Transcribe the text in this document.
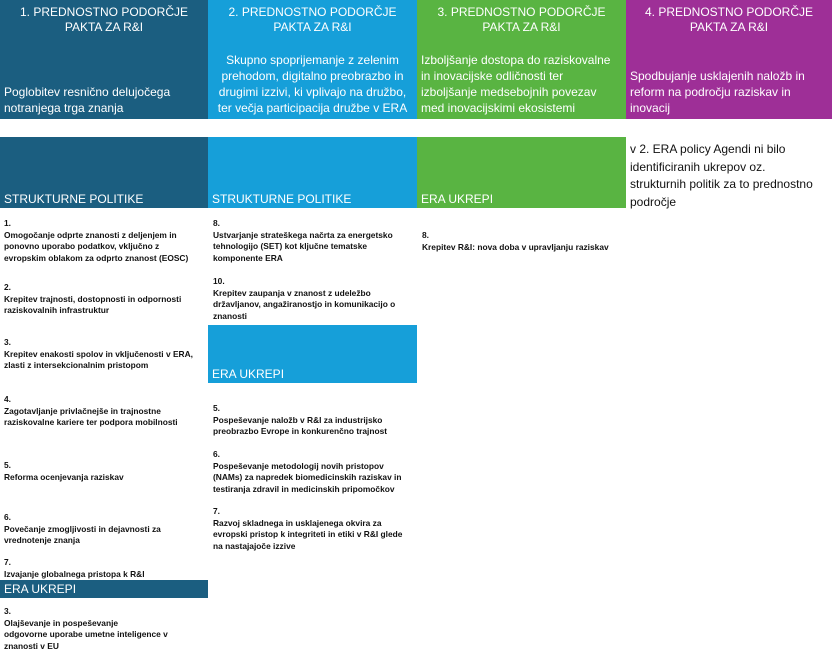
1. PREDNOSTNO PODORČJE
PAKTA ZA R&I
Poglobitev resnično delujočega
notranjega trga znanja
2. PREDNOSTNO PODORČJE
PAKTA ZA R&I
Skupno spoprijemanje z zelenim
prehodom, digitalno preobrazbo in
drugimi izzivi, ki vplivajo na družbo,
ter večja participacija družbe v ERA
3. PREDNOSTNO PODORČJE
PAKTA ZA R&I
Izboljšanje dostopa do raziskovalne
in inovacijske odličnosti ter
izboljšanje medsebojnih povezav
med inovacijskimi ekosistemi
4. PREDNOSTNO PODORČJE
PAKTA ZA R&I
Spodbujanje usklajenih naložb in
reform na področju raziskav in
inovacij
STRUKTURNE POLITIKE	STRUKTURNE POLITIKE	ERA UKREPI
v 2. ERA policy Agendi ni bilo
identificiranih ukrepov oz.
strukturnih politik za to prednostno
področje
1.
Omogočanje odprte znanosti z deljenjem in
ponovno uporabo podatkov, vključno z
evropskim oblakom za odprto znanost (EOSC)
2.
Krepitev trajnosti, dostopnosti in odpornosti
raziskovalnih infrastruktur
3.
Krepitev enakosti spolov in vključenosti v ERA,
zlasti z intersekcionalnim pristopom
4.
Zagotavljanje privlačnejše in trajnostne
raziskovalne kariere ter podpora mobilnosti
5.
Reforma ocenjevanja raziskav
6.
Povečanje zmogljivosti in dejavnosti za
vrednotenje znanja
7.
Izvajanje globalnega pristopa k R&I
ERA UKREPI
3.
Olajševanje in pospeševanje
odgovorne uporabe umetne inteligence v
znanosti v EU
8.
Ustvarjanje strateškega načrta za energetsko
tehnologijo (SET) kot ključne tematske
komponente ERA
10.
Krepitev zaupanja v znanost z udeležbo
državljanov, angažiranostjo in komunikacijo o
znanosti
ERA UKREPI
5.
Pospeševanje naložb v R&I za industrijsko
preobrazbo Evrope in konkurenčno trajnost
6.
Pospeševanje metodologij novih pristopov
(NAMs) za napredek biomedicinskih raziskav in
testiranja zdravil in medicinskih pripomočkov
7.
Razvoj skladnega in usklajenega okvira za
evropski pristop k integriteti in etiki v R&I glede
na nastajajoče izzive
8.
Krepitev R&I: nova doba v upravljanju raziskav
